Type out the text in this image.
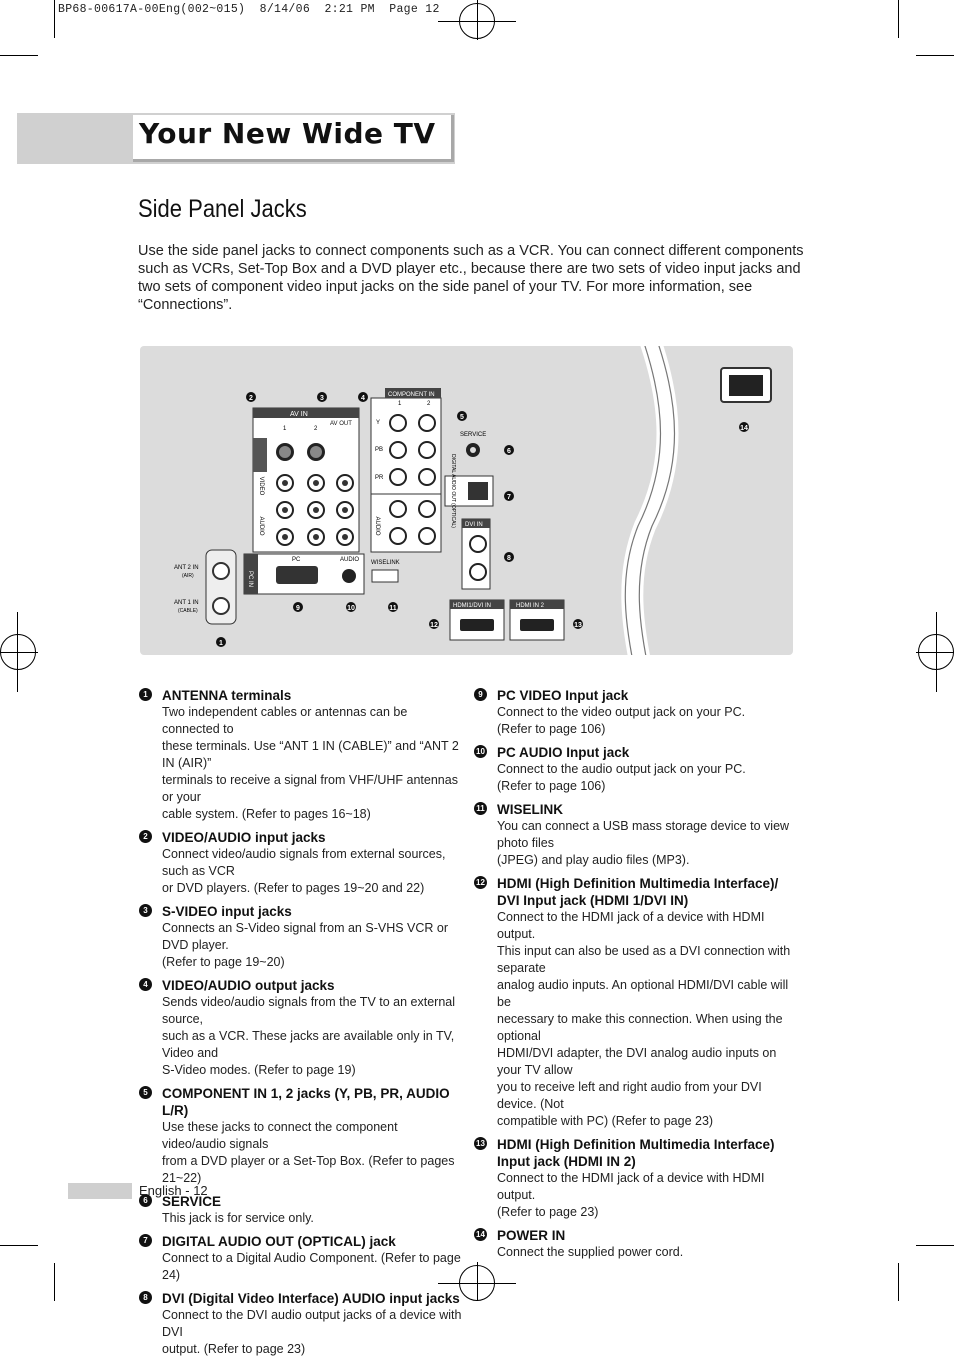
BP68-00617A-00Eng(002~015)  8/14/06  2:21 PM  Page 12
Your New Wide TV
Side Panel Jacks
Use the side panel jacks to connect components such as a VCR. You can connect different components such as VCRs, Set-Top Box and a DVD player etc., because there are two sets of video input jacks and two sets of component video input jacks on the side panel of your TV. For more information, see “Connections”.
AV IN
AV OUT
1	2
VIDEO
AUDIO
COMPONENT IN
1	2
Y
PB
PR
AUDIO
SERVICE
DIGITAL AUDIO OUT (OPTICAL) DVI IN
ANT 2 IN
(AIR)
ANT 1 IN
(CABLE)
PC IN
PC	AUDIO WISELINK
HDMI1/DVI IN	HDMI IN 2
2	3	4
5
6
7
8
1
9	10	11
12	13
14
1	ANTENNA terminals
Two independent cables or antennas can be connected to
these terminals. Use “ANT 1 IN (CABLE)” and “ANT 2 IN (AIR)”
terminals to receive a signal from VHF/UHF antennas or your
cable system. (Refer to pages 16~18)
2	VIDEO/AUDIO input jacks
Connect video/audio signals from external sources, such as VCR
or DVD players. (Refer to pages 19~20 and 22)
3	S-VIDEO input jacks
Connects an S-Video signal from an S-VHS VCR or DVD player.
(Refer to page 19~20)
4	VIDEO/AUDIO output jacks
Sends video/audio signals from the TV to an external source,
such as a VCR. These jacks are available only in TV, Video and
S-Video modes. (Refer to page 19)
5	COMPONENT IN 1, 2 jacks (Y, PB, PR, AUDIO L/R)
Use these jacks to connect the component video/audio signals
from a DVD player or a Set-Top Box. (Refer to pages 21~22)
6	SERVICE
This jack is for service only.
7	DIGITAL AUDIO OUT (OPTICAL) jack
Connect to a Digital Audio Component. (Refer to page 24)
8	DVI (Digital Video Interface) AUDIO input jacks
Connect to the DVI audio output jacks of a device with DVI
output. (Refer to page 23)
9	PC VIDEO Input jack
Connect to the video output jack on your PC.
(Refer to page 106)
10 PC AUDIO Input jack
Connect to the audio output jack on your PC.
(Refer to page 106)
11 WISELINK
You can connect a USB mass storage device to view photo files
(JPEG) and play audio files (MP3).
12 HDMI (High Definition Multimedia Interface)/
DVI Input jack (HDMI 1/DVI IN)
Connect to the HDMI jack of a device with HDMI output.
This input can also be used as a DVI connection with separate
analog audio inputs. An optional HDMI/DVI cable will be
necessary to make this connection. When using the optional
HDMI/DVI adapter, the DVI analog audio inputs on your TV allow
you to receive left and right audio from your DVI device. (Not
compatible with PC) (Refer to page 23)
13 HDMI (High Definition Multimedia Interface)
Input jack (HDMI IN 2)
Connect to the HDMI jack of a device with HDMI output.
(Refer to page 23)
14 POWER IN
Connect the supplied power cord.
English - 12
